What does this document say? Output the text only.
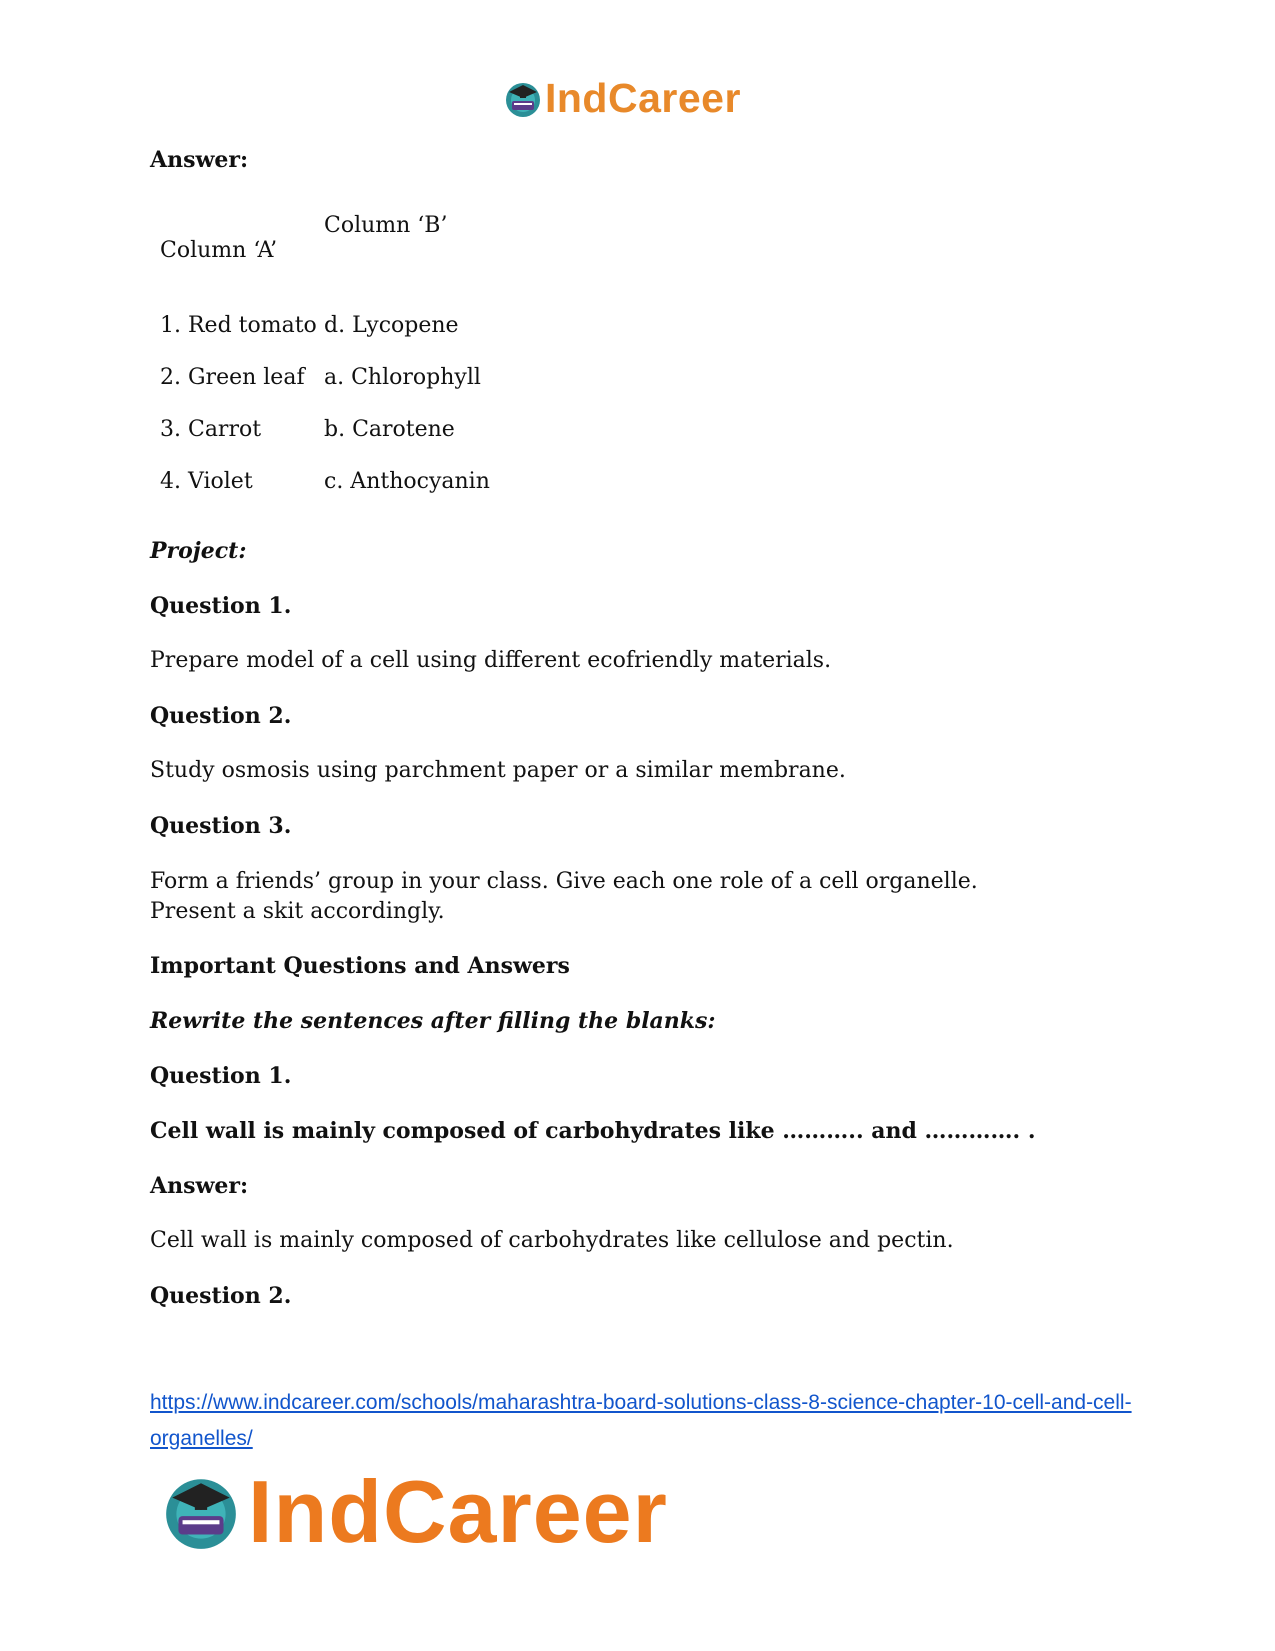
IndCareer
Answer:
Column ‘A’
Column ‘B’
1. Red tomato d. Lycopene
2. Green leaf a. Chlorophyll
3. Carrot	b. Carotene
4. Violet	c. Anthocyanin
Project:
Question 1.
Prepare model of a cell using different ecofriendly materials.
Question 2.
Study osmosis using parchment paper or a similar membrane.
Question 3.
Form a friends’ group in your class. Give each one role of a cell organelle. Present a skit accordingly.
Important Questions and Answers
Rewrite the sentences after filling the blanks:
Question 1.
Cell wall is mainly composed of carbohydrates like ……….. and …………. .
Answer:
Cell wall is mainly composed of carbohydrates like cellulose and pectin.
Question 2.
https://www.indcareer.com/schools/maharashtra-board-solutions-class-8-science-chapter-10-cell-and-cell-organelles/
IndCareer
